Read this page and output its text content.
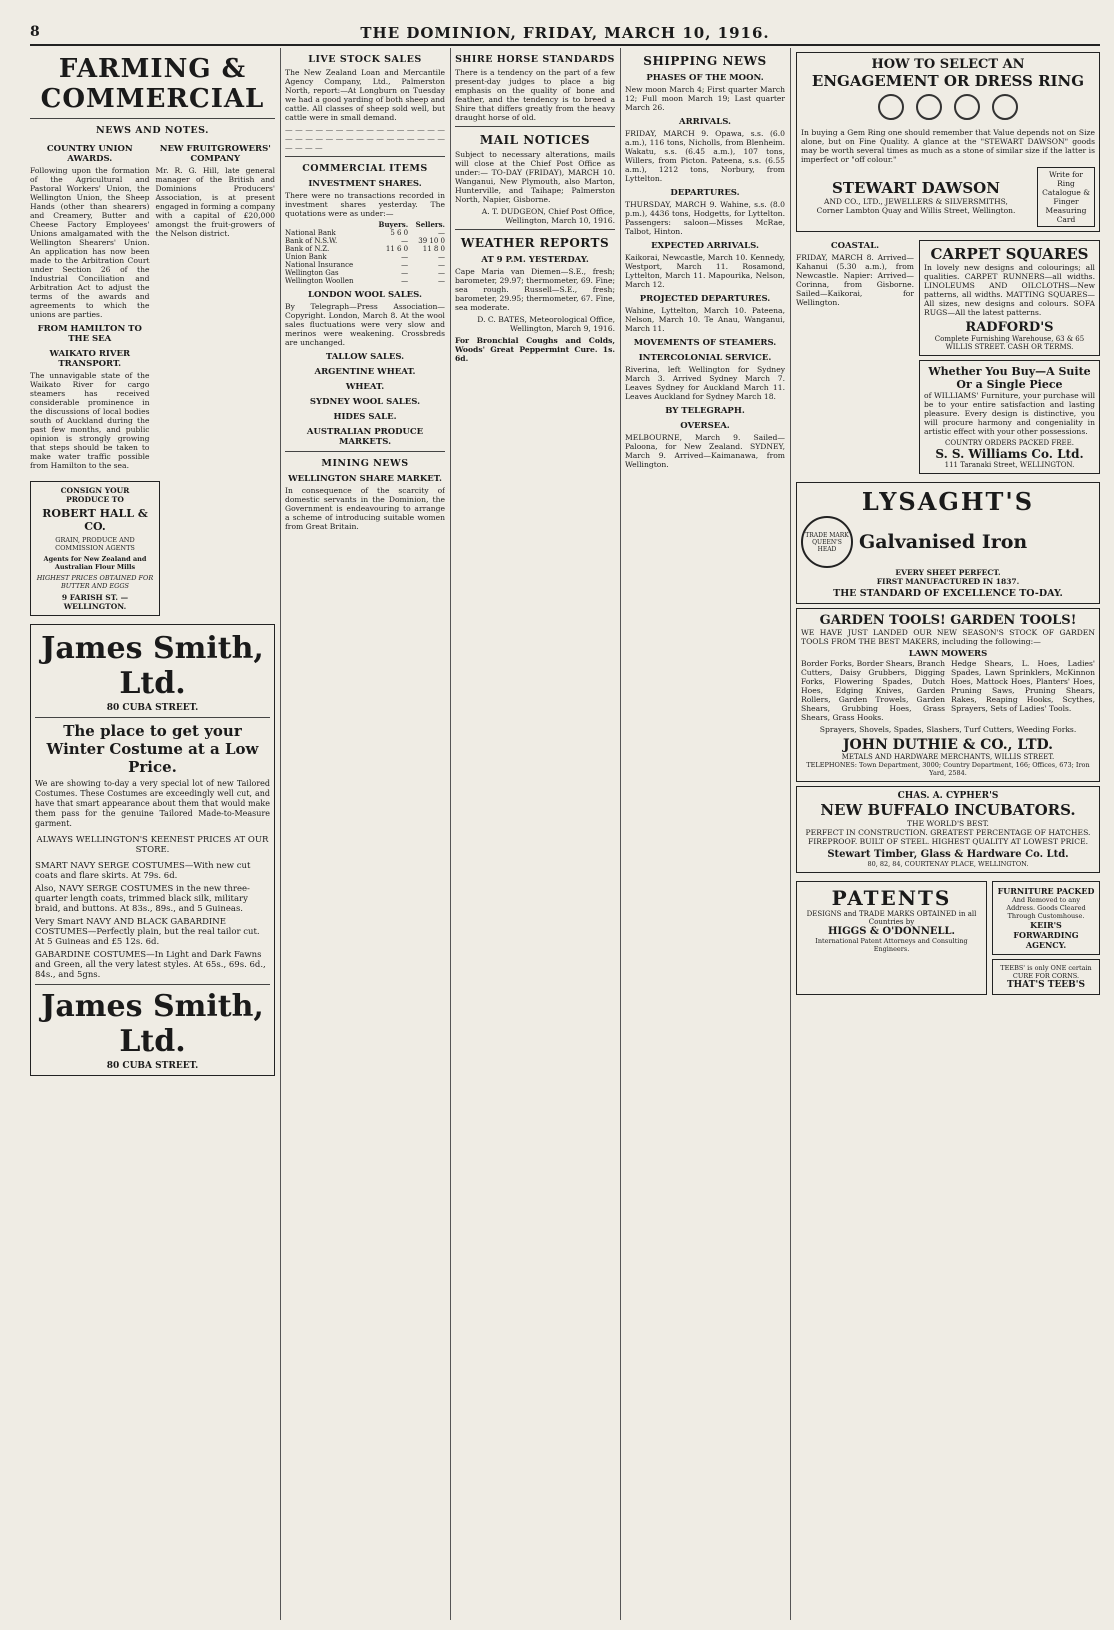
8	THE DOMINION, FRIDAY, MARCH 10, 1916.
FARMING & COMMERCIAL
NEWS AND NOTES.
COUNTRY UNION AWARDS.

Following upon the formation of the Agricultural and Pastoral Workers' Union, the Wellington Union, the Sheep Hands (other than shearers) and Creamery, Butter and Cheese Factory Employees' Unions amalgamated with the Wellington Shearers' Union. An application has now been made to the Arbitration Court under Section 26 of the Industrial Conciliation and Arbitration Act to adjust the terms of the awards and agreements to which the unions are parties.

FROM HAMILTON TO THE SEA
WAIKATO RIVER TRANSPORT.

The unnavigable state of the Waikato River for cargo steamers has received considerable prominence in the discussions of local bodies south of Auckland during the past few months, and public opinion is strongly growing that steps should be taken to make water traffic possible from Hamilton to the sea.

NEW FRUITGROWERS' COMPANY

Mr. R. G. Hill, late general manager of the British and Dominions Producers' Association, is at present engaged in forming a company with a capital of £20,000 amongst the fruit-growers of the Nelson district.

CONSIGN YOUR
PRODUCE TO
ROBERT HALL & CO.
GRAIN, PRODUCE AND COMMISSION AGENTS
Agents for New Zealand and Australian Flour Mills
HIGHEST PRICES OBTAINED FOR BUTTER AND EGGS
9 FARISH ST. — WELLINGTON.
James Smith, Ltd.
80 CUBA STREET.
The place to get your Winter Costume at a Low Price.

We are showing to-day a very special lot of new Tailored Costumes. These Costumes are exceedingly well cut, and have that smart appearance about them that would make them pass for the genuine Tailored Made-to-Measure garment.

ALWAYS WELLINGTON'S KEENEST PRICES AT OUR STORE.

SMART NAVY SERGE COSTUMES—With new cut coats and flare skirts. At 79s. 6d.

Also, NAVY SERGE COSTUMES in the new three-quarter length coats, trimmed black silk, military braid, and buttons. At 83s., 89s., and 5 Guineas.

Very Smart NAVY AND BLACK GABARDINE COSTUMES—Perfectly plain, but the real tailor cut. At 5 Guineas and £5 12s. 6d.

GABARDINE COSTUMES—In Light and Dark Fawns and Green, all the very latest styles. At 65s., 69s. 6d., 84s., and 5gns.

James Smith, Ltd.
80 CUBA STREET.
LIVE STOCK SALES

The New Zealand Loan and Mercantile Agency Company, Ltd., Palmerston North, report:—At Longburn on Tuesday we had a good yarding of both sheep and cattle. All classes of sheep sold well, but cattle were in small demand.

— — — — — — — — — — — — — — — — — — — — — — — — — — — — — — — — — — — —

COMMERCIAL ITEMS
INVESTMENT SHARES.

There were no transactions recorded in investment shares yesterday. The quotations were as under:—

	Buyers.	Sellers.
National Bank	5 6 0	—
Bank of N.S.W.	—	39 10 0
Bank of N.Z.	11 6 0	11 8 0
Union Bank	—	—
National Insurance	—	—
Wellington Gas	—	—
Wellington Woollen	—	—
LONDON WOOL SALES.

By Telegraph—Press Association—Copyright. London, March 8. At the wool sales fluctuations were very slow and merinos were weakening. Crossbreds are unchanged.

TALLOW SALES.
ARGENTINE WHEAT.
WHEAT.
SYDNEY WOOL SALES.
HIDES SALE.
AUSTRALIAN PRODUCE MARKETS.
MINING NEWS
WELLINGTON SHARE MARKET.

In consequence of the scarcity of domestic servants in the Dominion, the Government is endeavouring to arrange a scheme of introducing suitable women from Great Britain.

SHIRE HORSE STANDARDS

There is a tendency on the part of a few present-day judges to place a big emphasis on the quality of bone and feather, and the tendency is to breed a Shire that differs greatly from the heavy draught horse of old.

MAIL NOTICES

Subject to necessary alterations, mails will close at the Chief Post Office as under:— TO-DAY (FRIDAY), MARCH 10. Wanganui, New Plymouth, also Marton, Hunterville, and Taihape; Palmerston North, Napier, Gisborne.

A. T. DUDGEON, Chief Post Office, Wellington, March 10, 1916.

WEATHER REPORTS
AT 9 P.M. YESTERDAY.

Cape Maria van Diemen—S.E., fresh; barometer, 29.97; thermometer, 69. Fine; sea rough. Russell—S.E., fresh; barometer, 29.95; thermometer, 67. Fine, sea moderate.

D. C. BATES, Meteorological Office, Wellington, March 9, 1916.

For Bronchial Coughs and Colds, Woods' Great Peppermint Cure. 1s. 6d.

SHIPPING NEWS
PHASES OF THE MOON.

New moon March 4; First quarter March 12; Full moon March 19; Last quarter March 26.

ARRIVALS.

FRIDAY, MARCH 9. Opawa, s.s. (6.0 a.m.), 116 tons, Nicholls, from Blenheim. Wakatu, s.s. (6.45 a.m.), 107 tons, Willers, from Picton. Pateena, s.s. (6.55 a.m.), 1212 tons, Norbury, from Lyttelton.

DEPARTURES.

THURSDAY, MARCH 9. Wahine, s.s. (8.0 p.m.), 4436 tons, Hodgetts, for Lyttelton. Passengers: saloon—Misses McRae, Talbot, Hinton.

EXPECTED ARRIVALS.

Kaikorai, Newcastle, March 10. Kennedy, Westport, March 11. Rosamond, Lyttelton, March 11. Mapourika, Nelson, March 12.

PROJECTED DEPARTURES.

Wahine, Lyttelton, March 10. Pateena, Nelson, March 10. Te Anau, Wanganui, March 11.

MOVEMENTS OF STEAMERS.
INTERCOLONIAL SERVICE.

Riverina, left Wellington for Sydney March 3. Arrived Sydney March 7. Leaves Sydney for Auckland March 11. Leaves Auckland for Sydney March 18.

BY TELEGRAPH.
OVERSEA.

MELBOURNE, March 9. Sailed—Paloona, for New Zealand. SYDNEY, March 9. Arrived—Kaimanawa, from Wellington.

HOW TO SELECT AN
ENGAGEMENT OR DRESS RING

In buying a Gem Ring one should remember that Value depends not on Size alone, but on Fine Quality. A glance at the "STEWART DAWSON" goods may be worth several times as much as a stone of similar size if the latter is imperfect or "off colour."

STEWART DAWSON
AND CO., LTD., JEWELLERS & SILVERSMITHS,
Corner Lambton Quay and Willis Street, Wellington.
Write for Ring Catalogue & Finger Measuring Card
COASTAL.

FRIDAY, MARCH 8. Arrived—Kahanui (5.30 a.m.), from Newcastle. Napier: Arrived—Corinna, from Gisborne. Sailed—Kaikorai, for Wellington.

CARPET SQUARES

In lovely new designs and colourings; all qualities. CARPET RUNNERS—all widths. LINOLEUMS AND OILCLOTHS—New patterns, all widths. MATTING SQUARES—All sizes, new designs and colours. SOFA RUGS—All the latest patterns.

RADFORD'S
Complete Furnishing Warehouse, 63 & 65 WILLIS STREET. CASH OR TERMS.
Whether You Buy—A Suite
Or a Single Piece

of WILLIAMS' Furniture, your purchase will be to your entire satisfaction and lasting pleasure. Every design is distinctive, you will procure harmony and congeniality in artistic effect with your other possessions.

COUNTRY ORDERS PACKED FREE.
S. S. Williams Co. Ltd.
111 Taranaki Street, WELLINGTON.
LYSAGHT'S
TRADE MARK QUEEN'S HEAD	Galvanised Iron
EVERY SHEET PERFECT.
FIRST MANUFACTURED IN 1837.
THE STANDARD OF EXCELLENCE TO-DAY.
GARDEN TOOLS! GARDEN TOOLS!

WE HAVE JUST LANDED OUR NEW SEASON'S STOCK OF GARDEN TOOLS FROM THE BEST MAKERS, including the following:—

LAWN MOWERS

Border Forks, Border Shears, Branch Cutters, Daisy Grubbers, Digging Forks, Flowering Spades, Dutch Hoes, Edging Knives, Garden Rollers, Garden Trowels, Garden Shears, Grubbing Hoes, Grass Shears, Grass Hooks.

Hedge Shears, L. Hoes, Ladies' Spades, Lawn Sprinklers, McKinnon Hoes, Mattock Hoes, Planters' Hoes, Pruning Saws, Pruning Shears, Rakes, Reaping Hooks, Scythes, Sprayers, Sets of Ladies' Tools.

Sprayers, Shovels, Spades, Slashers, Turf Cutters, Weeding Forks.

JOHN DUTHIE & CO., LTD.
METALS AND HARDWARE MERCHANTS, WILLIS STREET.
TELEPHONES: Town Department, 3000; Country Department, 166; Offices, 673; Iron Yard, 2584.
CHAS. A. CYPHER'S
NEW BUFFALO INCUBATORS.
THE WORLD'S BEST.

PERFECT IN CONSTRUCTION. GREATEST PERCENTAGE OF HATCHES. FIREPROOF. BUILT OF STEEL. HIGHEST QUALITY AT LOWEST PRICE.

Stewart Timber, Glass & Hardware Co. Ltd.
80, 82, 84, COURTENAY PLACE, WELLINGTON.
PATENTS
DESIGNS and TRADE MARKS OBTAINED in all Countries by
HIGGS & O'DONNELL.
International Patent Attorneys and Consulting Engineers.
FURNITURE PACKED
And Removed to any Address. Goods Cleared Through Customhouse.
KEIR'S FORWARDING AGENCY.
TEEBS' is only ONE certain CURE FOR CORNS.
THAT'S TEEB'S
